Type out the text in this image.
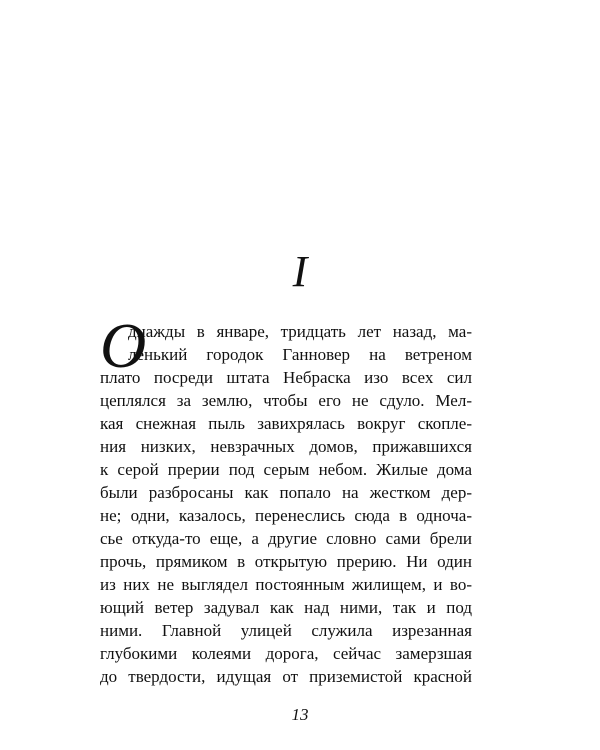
I
О
днажды в январе, тридцать лет назад, ма-
ленький городок Ганновер на ветреном
плато посреди штата Небраска изо всех сил
цеплялся за землю, чтобы его не сдуло. Мел-
кая снежная пыль завихрялась вокруг скопле-
ния низких, невзрачных домов, прижавшихся
к серой прерии под серым небом. Жилые дома
были разбросаны как попало на жестком дер-
не; одни, казалось, перенеслись сюда в одноча-
сье откуда-то еще, а другие словно сами брели
прочь, прямиком в открытую прерию. Ни один
из них не выглядел постоянным жилищем, и во-
ющий ветер задувал как над ними, так и под
ними. Главной улицей служила изрезанная
глубокими колеями дорога, сейчас замерзшая
до твердости, идущая от приземистой красной
13
